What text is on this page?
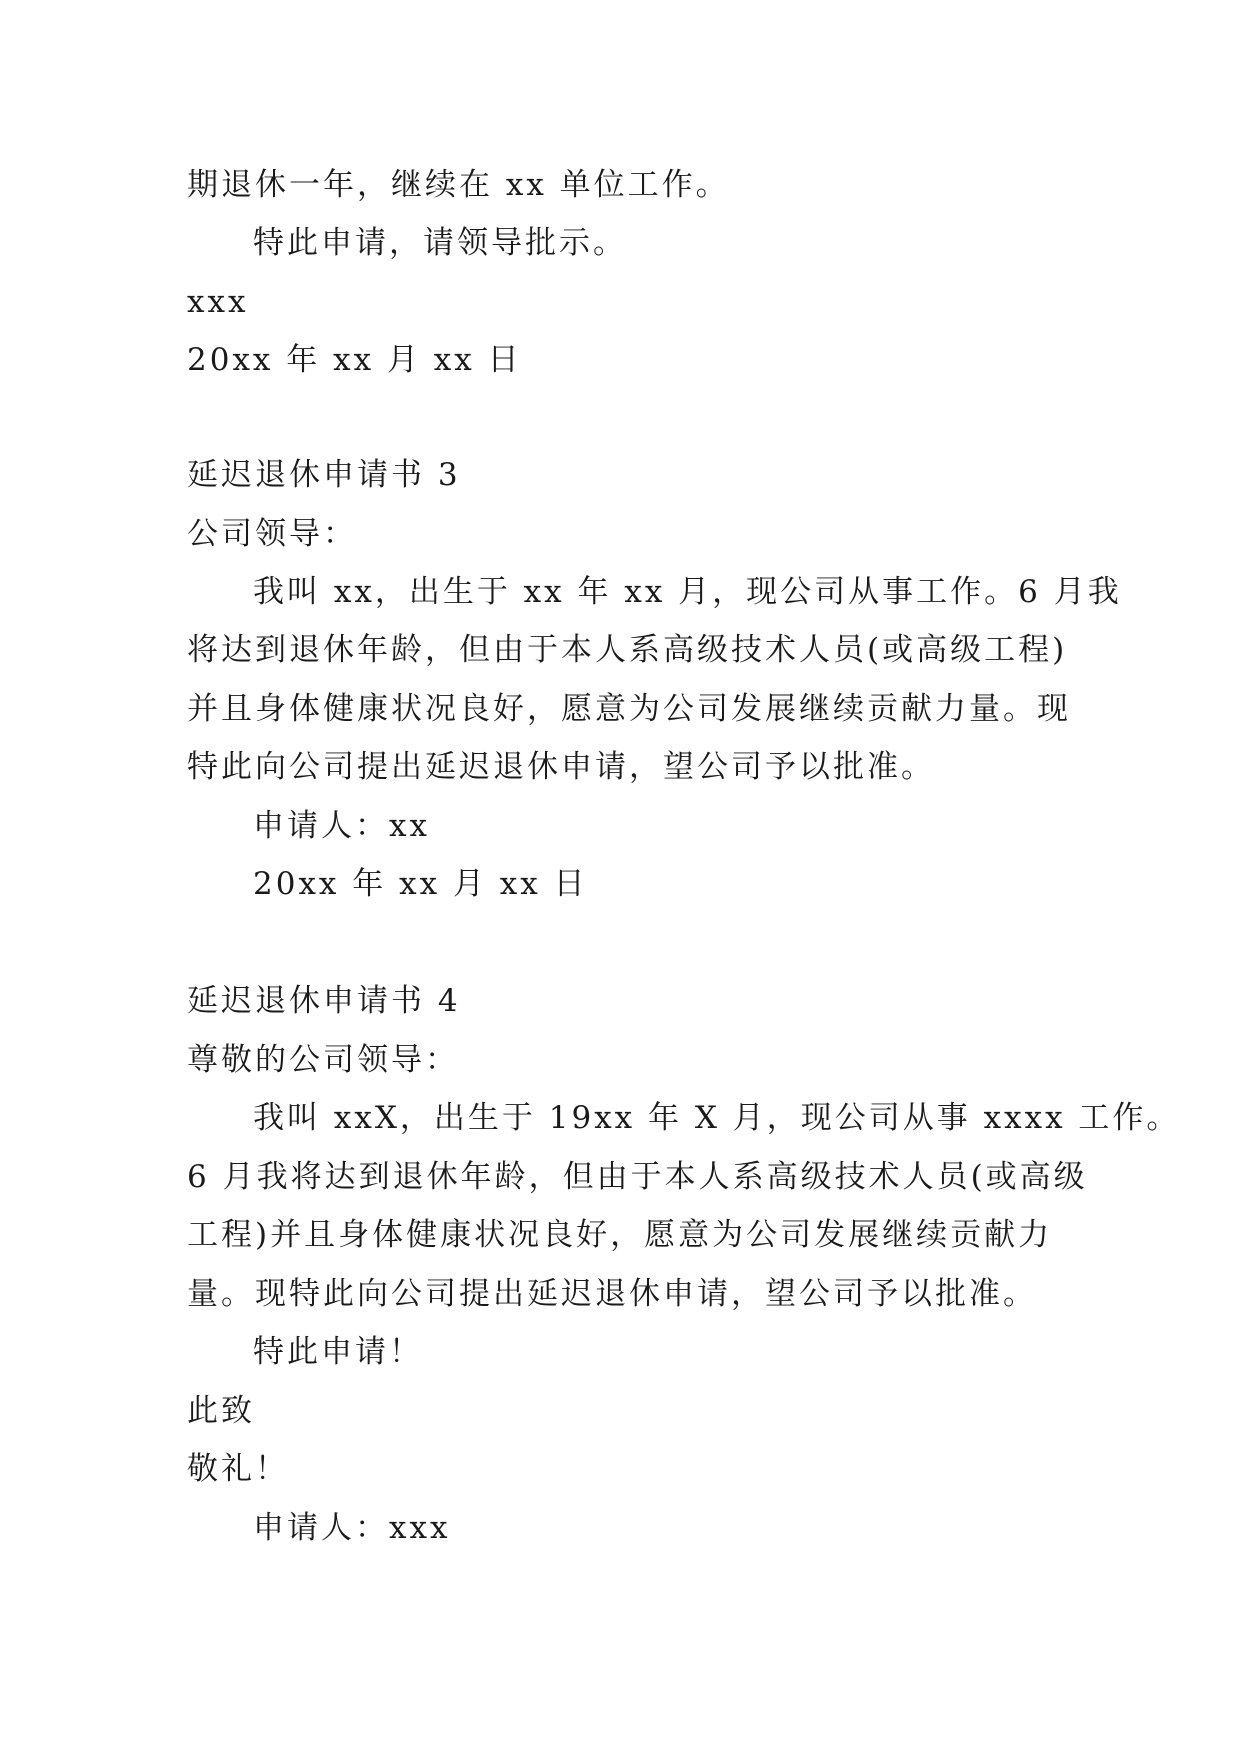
期退休一年，继续在 xx 单位工作。
特此申请，请领导批示。
xxx
20xx 年 xx 月 xx 日
延迟退休申请书 3
公司领导：
我叫 xx，出生于 xx 年 xx 月，现公司从事工作。6 月我
将达到退休年龄，但由于本人系高级技术人员(或高级工程)
并且身体健康状况良好，愿意为公司发展继续贡献力量。现
特此向公司提出延迟退休申请，望公司予以批准。
申请人：xx
20xx 年 xx 月 xx 日
延迟退休申请书 4
尊敬的公司领导：
我叫 xxX，出生于 19xx 年 X 月，现公司从事 xxxx 工作。
6 月我将达到退休年龄，但由于本人系高级技术人员(或高级
工程)并且身体健康状况良好，愿意为公司发展继续贡献力
量。现特此向公司提出延迟退休申请，望公司予以批准。
特此申请！
此致
敬礼！
申请人：xxx
